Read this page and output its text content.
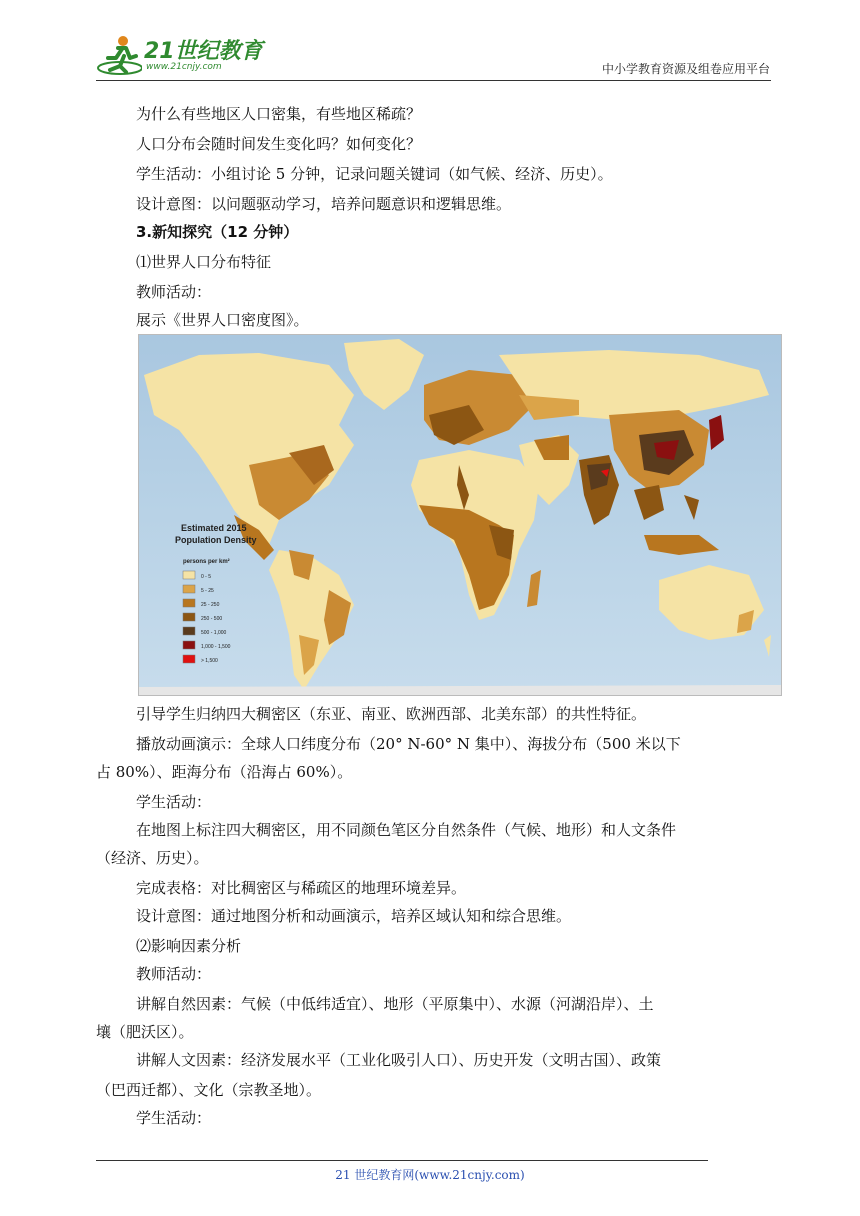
21世纪教育
www.21cnjy.com	中小学教育资源及组卷应用平台
为什么有些地区人口密集，有些地区稀疏？
人口分布会随时间发生变化吗？如何变化？
学生活动：小组讨论 5 分钟，记录问题关键词（如气候、经济、历史）。
设计意图：以问题驱动学习，培养问题意识和逻辑思维。
3.新知探究（12 分钟）
⑴世界人口分布特征
教师活动：
展示《世界人口密度图》。
Estimated 2015
Population Density
persons per km²
0 - 5
5 - 25
25 - 250
250 - 500
500 - 1,000
1,000 - 1,500
> 1,500
引导学生归纳四大稠密区（东亚、南亚、欧洲西部、北美东部）的共性特征。
播放动画演示：全球人口纬度分布（20° N-60° N 集中）、海拔分布（500 米以下
占 80%）、距海分布（沿海占 60%）。
学生活动：
在地图上标注四大稠密区，用不同颜色笔区分自然条件（气候、地形）和人文条件
（经济、历史）。
完成表格：对比稠密区与稀疏区的地理环境差异。
设计意图：通过地图分析和动画演示，培养区域认知和综合思维。
⑵影响因素分析
教师活动：
讲解自然因素：气候（中低纬适宜）、地形（平原集中）、水源（河湖沿岸）、土
壤（肥沃区）。
讲解人文因素：经济发展水平（工业化吸引人口）、历史开发（文明古国）、政策
（巴西迁都）、文化（宗教圣地）。
学生活动：
21 世纪教育网(www.21cnjy.com)
